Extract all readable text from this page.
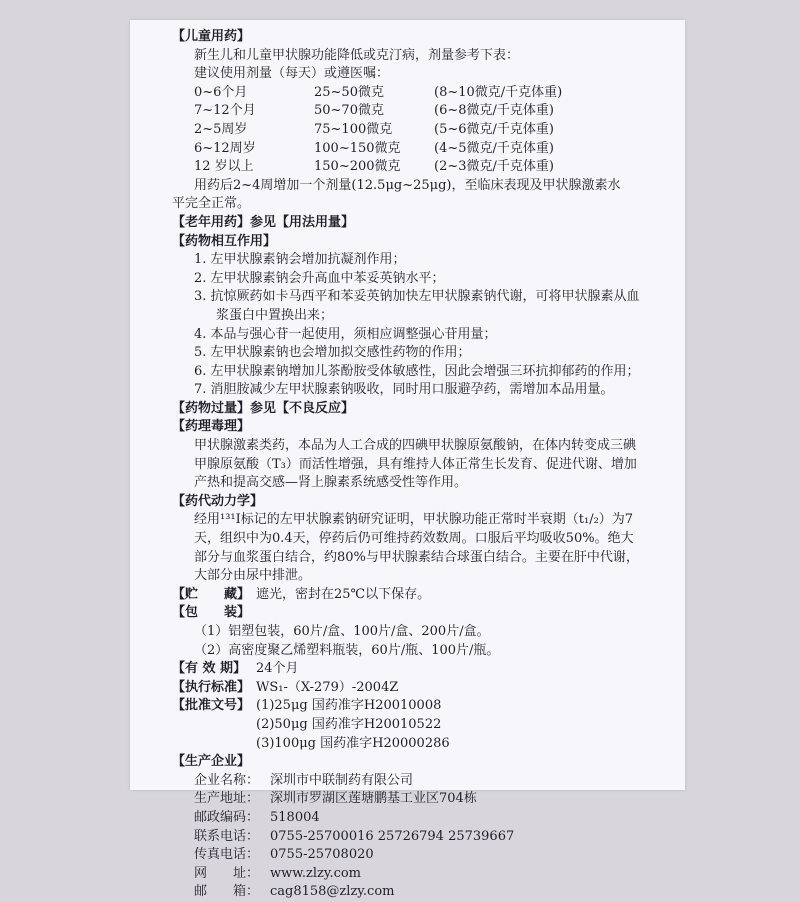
【儿童用药】
新生儿和儿童甲状腺功能降低或克汀病，剂量参考下表：
建议使用剂量（每天）或遵医嘱：
0~6个月	25~50微克	(8~10微克/千克体重)
7~12个月	50~70微克	(6~8微克/千克体重)
2~5周岁	75~100微克	(5~6微克/千克体重)
6~12周岁	100~150微克	(4~5微克/千克体重)
12 岁以上	150~200微克	(2~3微克/千克体重)
用药后2~4周增加一个剂量(12.5μg~25μg)，至临床表现及甲状腺激素水
平完全正常。
【老年用药】参见【用法用量】
【药物相互作用】
1. 左甲状腺素钠会增加抗凝剂作用；
2. 左甲状腺素钠会升高血中苯妥英钠水平；
3. 抗惊厥药如卡马西平和苯妥英钠加快左甲状腺素钠代谢，可将甲状腺素从血浆蛋白中置换出来；
4. 本品与强心苷一起使用，须相应调整强心苷用量；
5. 左甲状腺素钠也会增加拟交感性药物的作用；
6. 左甲状腺素钠增加儿茶酚胺受体敏感性，因此会增强三环抗抑郁药的作用；
7. 消胆胺减少左甲状腺素钠吸收，同时用口服避孕药，需增加本品用量。
【药物过量】参见【不良反应】
【药理毒理】
甲状腺激素类药，本品为人工合成的四碘甲状腺原氨酸钠，在体内转变成三碘甲腺原氨酸（T₃）而活性增强，具有维持人体正常生长发育、促进代谢、增加产热和提高交感—肾上腺素系统感受性等作用。
【药代动力学】
经用¹³¹I标记的左甲状腺素钠研究证明，甲状腺功能正常时半衰期（t₁/₂）为7天，组织中为0.4天，停药后仍可维持药效数周。口服后平均吸收50%。绝大部分与血浆蛋白结合，约80%与甲状腺素结合球蛋白结合。主要在肝中代谢，大部分由尿中排泄。
【贮　　藏】	遮光，密封在25℃以下保存。
【包　　装】
（1）铝塑包装，60片/盒、100片/盒、200片/盒。
（2）高密度聚乙烯塑料瓶装，60片/瓶、100片/瓶。
【有 效 期】	24个月
【执行标准】	WS₁-（X-279）-2004Z
【批准文号】	(1)25μg 国药准字H20010008
	(2)50μg 国药准字H20010522
	(3)100μg 国药准字H20000286
【生产企业】
企业名称：	深圳市中联制药有限公司
生产地址：	深圳市罗湖区莲塘鹏基工业区704栋
邮政编码：	518004
联系电话：	0755-25700016 25726794 25739667
传真电话：	0755-25708020
网　　址：	www.zlzy.com
邮　　箱：	cag8158@zlzy.com
